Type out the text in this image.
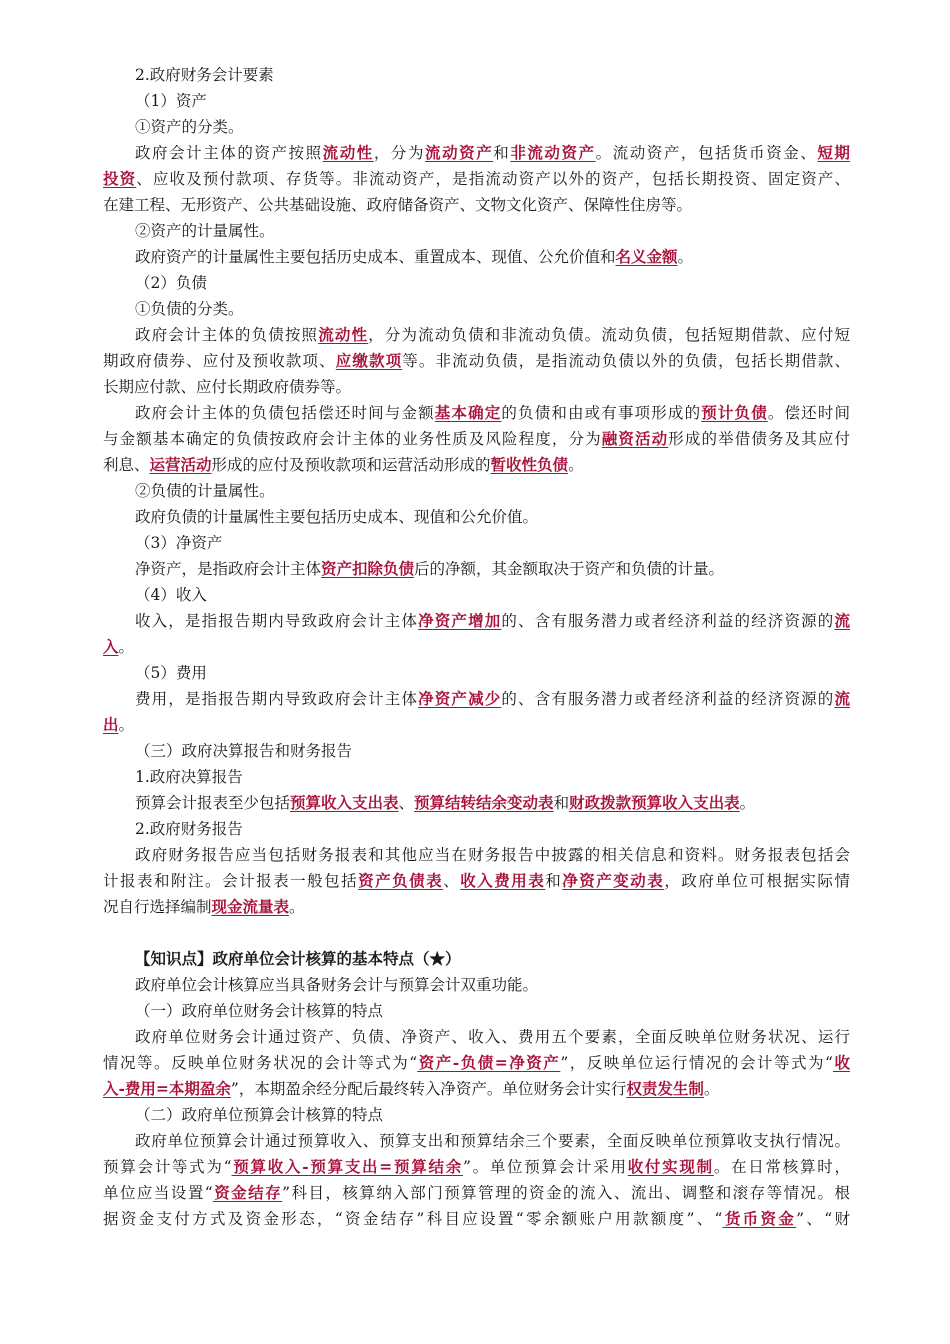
2.政府财务会计要素
（1）资产
①资产的分类。
政府会计主体的资产按照流动性，分为流动资产和非流动资产。流动资产，包括货币资金、短期
投资、应收及预付款项、存货等。非流动资产，是指流动资产以外的资产，包括长期投资、固定资产、
在建工程、无形资产、公共基础设施、政府储备资产、文物文化资产、保障性住房等。
②资产的计量属性。
政府资产的计量属性主要包括历史成本、重置成本、现值、公允价值和名义金额。
（2）负债
①负债的分类。
政府会计主体的负债按照流动性，分为流动负债和非流动负债。流动负债，包括短期借款、应付短
期政府债券、应付及预收款项、应缴款项等。非流动负债，是指流动负债以外的负债，包括长期借款、
长期应付款、应付长期政府债券等。
政府会计主体的负债包括偿还时间与金额基本确定的负债和由或有事项形成的预计负债。偿还时间
与金额基本确定的负债按政府会计主体的业务性质及风险程度，分为融资活动形成的举借债务及其应付
利息、运营活动形成的应付及预收款项和运营活动形成的暂收性负债。
②负债的计量属性。
政府负债的计量属性主要包括历史成本、现值和公允价值。
（3）净资产
净资产，是指政府会计主体资产扣除负债后的净额，其金额取决于资产和负债的计量。
（4）收入
收入，是指报告期内导致政府会计主体净资产增加的、含有服务潜力或者经济利益的经济资源的流
入。
（5）费用
费用，是指报告期内导致政府会计主体净资产减少的、含有服务潜力或者经济利益的经济资源的流
出。
（三）政府决算报告和财务报告
1.政府决算报告
预算会计报表至少包括预算收入支出表、预算结转结余变动表和财政拨款预算收入支出表。
2.政府财务报告
政府财务报告应当包括财务报表和其他应当在财务报告中披露的相关信息和资料。财务报表包括会
计报表和附注。会计报表一般包括资产负债表、收入费用表和净资产变动表，政府单位可根据实际情
况自行选择编制现金流量表。
【知识点】政府单位会计核算的基本特点（★）
政府单位会计核算应当具备财务会计与预算会计双重功能。
（一）政府单位财务会计核算的特点
政府单位财务会计通过资产、负债、净资产、收入、费用五个要素，全面反映单位财务状况、运行
情况等。反映单位财务状况的会计等式为“资产-负债=净资产”，反映单位运行情况的会计等式为“收
入-费用=本期盈余”，本期盈余经分配后最终转入净资产。单位财务会计实行权责发生制。
（二）政府单位预算会计核算的特点
政府单位预算会计通过预算收入、预算支出和预算结余三个要素，全面反映单位预算收支执行情况。
预算会计等式为“预算收入-预算支出=预算结余”。单位预算会计采用收付实现制。在日常核算时，
单位应当设置“资金结存”科目，核算纳入部门预算管理的资金的流入、流出、调整和滚存等情况。根
据资金支付方式及资金形态，“资金结存”科目应设置“零余额账户用款额度”、“货币资金”、“财
